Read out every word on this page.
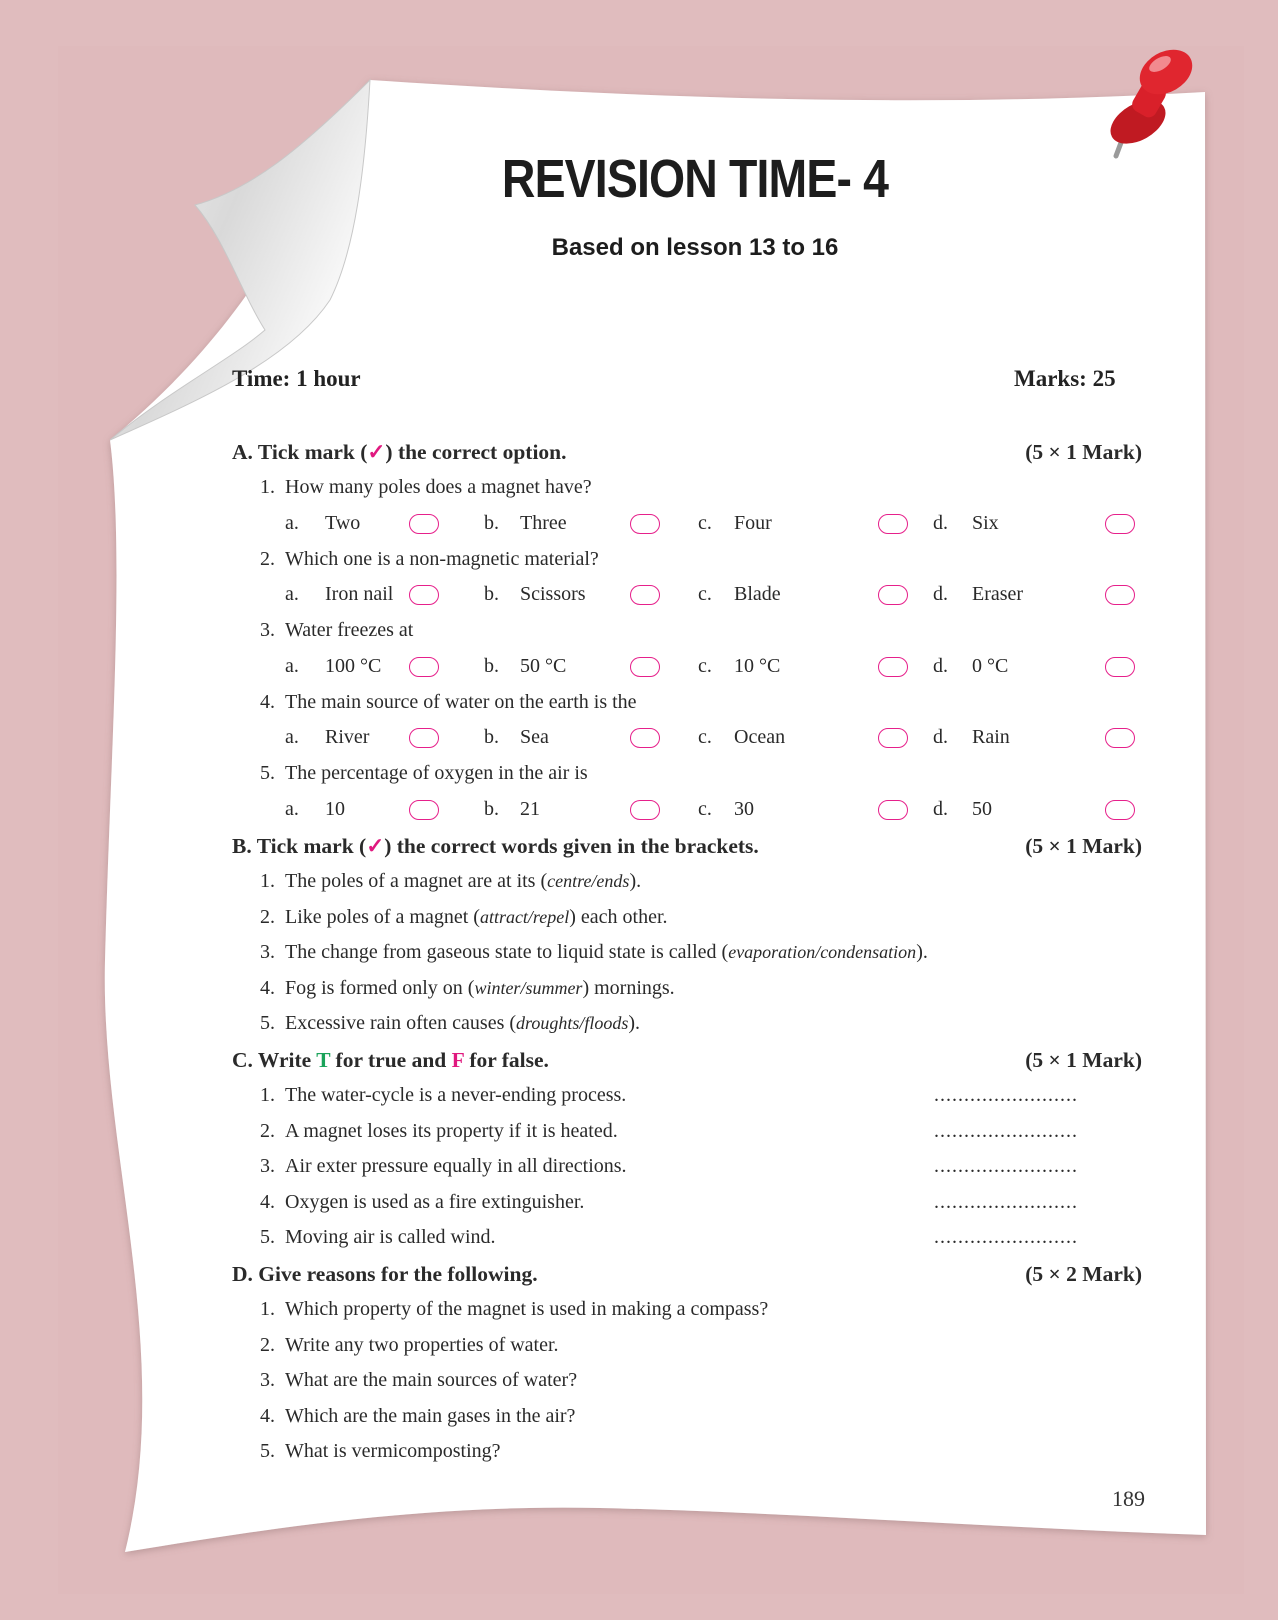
REVISION TIME- 4
Based on lesson 13 to 16
Time: 1 hour	Marks: 25
A. Tick mark (✓) the correct option.	(5 × 1 Mark)
1. How many poles does a magnet have?
a. Two	b. Three	c. Four	d. Six
2. Which one is a non-magnetic material?
a. Iron nail	b. Scissors	c. Blade	d. Eraser
3. Water freezes at
a. 100 °C	b. 50 °C	c. 10 °C	d. 0 °C
4. The main source of water on the earth is the
a. River	b. Sea	c. Ocean	d. Rain
5. The percentage of oxygen in the air is
a. 10	b. 21	c. 30	d. 50
B. Tick mark (✓) the correct words given in the brackets.	(5 × 1 Mark)
1. The poles of a magnet are at its (centre/ends).
2. Like poles of a magnet (attract/repel) each other.
3. The change from gaseous state to liquid state is called (evaporation/condensation).
4. Fog is formed only on (winter/summer) mornings.
5. Excessive rain often causes (droughts/floods).
C. Write T for true and F for false.	(5 × 1 Mark)
1. The water-cycle is a never-ending process.	........................
2. A magnet loses its property if it is heated.	........................
3. Air exter pressure equally in all directions.	........................
4. Oxygen is used as a fire extinguisher.	........................
5. Moving air is called wind.	........................
D. Give reasons for the following.	(5 × 2 Mark)
1. Which property of the magnet is used in making a compass?
2. Write any two properties of water.
3. What are the main sources of water?
4. Which are the main gases in the air?
5. What is vermicomposting?
189
